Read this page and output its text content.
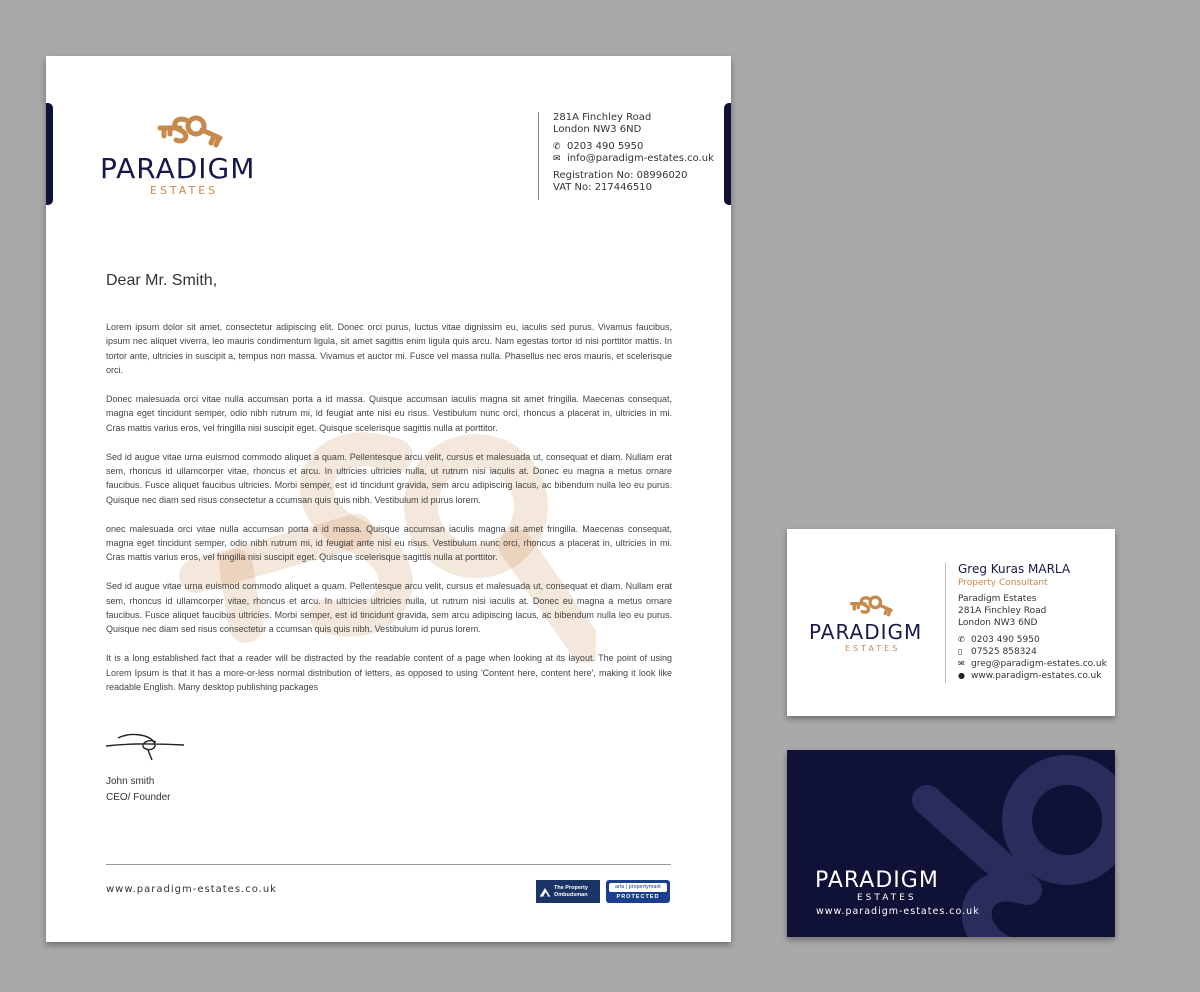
PARADIGM
ESTATES
281A Finchley Road
London NW3 6ND
✆ 0203 490 5950
✉ info@paradigm-estates.co.uk
Registration No: 08996020
VAT No: 217446510
Dear Mr. Smith,

Lorem ipsum dolor sit amet, consectetur adipiscing elit. Donec orci purus, luctus vitae dignissim eu, iaculis sed purus. Vivamus faucibus, ipsum nec aliquet viverra, leo mauris condimentum ligula, sit amet sagittis enim ligula quis arcu. Nam egestas tortor id nisi porttitor mattis. In tortor ante, ultricies in suscipit a, tempus non massa. Vivamus et auctor mi. Fusce vel massa nulla. Phasellus nec eros mauris, et scelerisque orci.

Donec malesuada orci vitae nulla accumsan porta a id massa. Quisque accumsan iaculis magna sit amet fringilla. Maecenas consequat, magna eget tincidunt semper, odio nibh rutrum mi, id feugiat ante nisi eu risus. Vestibulum nunc orci, rhoncus a placerat in, ultricies in mi. Cras mattis varius eros, vel fringilla nisi suscipit eget. Quisque scelerisque sagittis nulla at porttitor.

Sed id augue vitae urna euismod commodo aliquet a quam. Pellentesque arcu velit, cursus et malesuada ut, consequat et diam. Nullam erat sem, rhoncus id ullamcorper vitae, rhoncus et arcu. In ultricies ultricies nulla, ut rutrum nisi iaculis at. Donec eu magna a metus ornare faucibus. Fusce aliquet faucibus ultricies. Morbi semper, est id tincidunt gravida, sem arcu adipiscing lacus, ac bibendum nulla leo eu purus. Quisque nec diam sed risus consectetur a ccumsan quis quis nibh. Vestibulum id purus lorem.

onec malesuada orci vitae nulla accumsan porta a id massa. Quisque accumsan iaculis magna sit amet fringilla. Maecenas consequat, magna eget tincidunt semper, odio nibh rutrum mi, id feugiat ante nisi eu risus. Vestibulum nunc orci, rhoncus a placerat in, ultricies in mi. Cras mattis varius eros, vel fringilla nisi suscipit eget. Quisque scelerisque sagittis nulla at porttitor.

Sed id augue vitae urna euismod commodo aliquet a quam. Pellentesque arcu velit, cursus et malesuada ut, consequat et diam. Nullam erat sem, rhoncus id ullamcorper vitae, rhoncus et arcu. In ultricies ultricies nulla, ut rutrum nisi iaculis at. Donec eu magna a metus ornare faucibus. Fusce aliquet faucibus ultricies. Morbi semper, est id tincidunt gravida, sem arcu adipiscing lacus, ac bibendum nulla leo eu purus. Quisque nec diam sed risus consectetur a ccumsan quis quis nibh. Vestibulum id purus lorem.

It is a long established fact that a reader will be distracted by the readable content of a page when looking at its layout. The point of using Lorem Ipsum is that it has a more-or-less normal distribution of letters, as opposed to using 'Content here, content here', making it look like readable English. Many desktop publishing packages

John smith
CEO/ Founder
www.paradigm-estates.co.uk	The Property Ombudsman
arla | propertymark
PROTECTED
PARADIGM
ESTATES
Greg Kuras MARLA
Property Consultant
Paradigm Estates
281A Finchley Road
London NW3 6ND
✆ 0203 490 5950
▯ 07525 858324
✉ greg@paradigm-estates.co.uk
● www.paradigm-estates.co.uk
PARADIGM
ESTATES
www.paradigm-estates.co.uk
